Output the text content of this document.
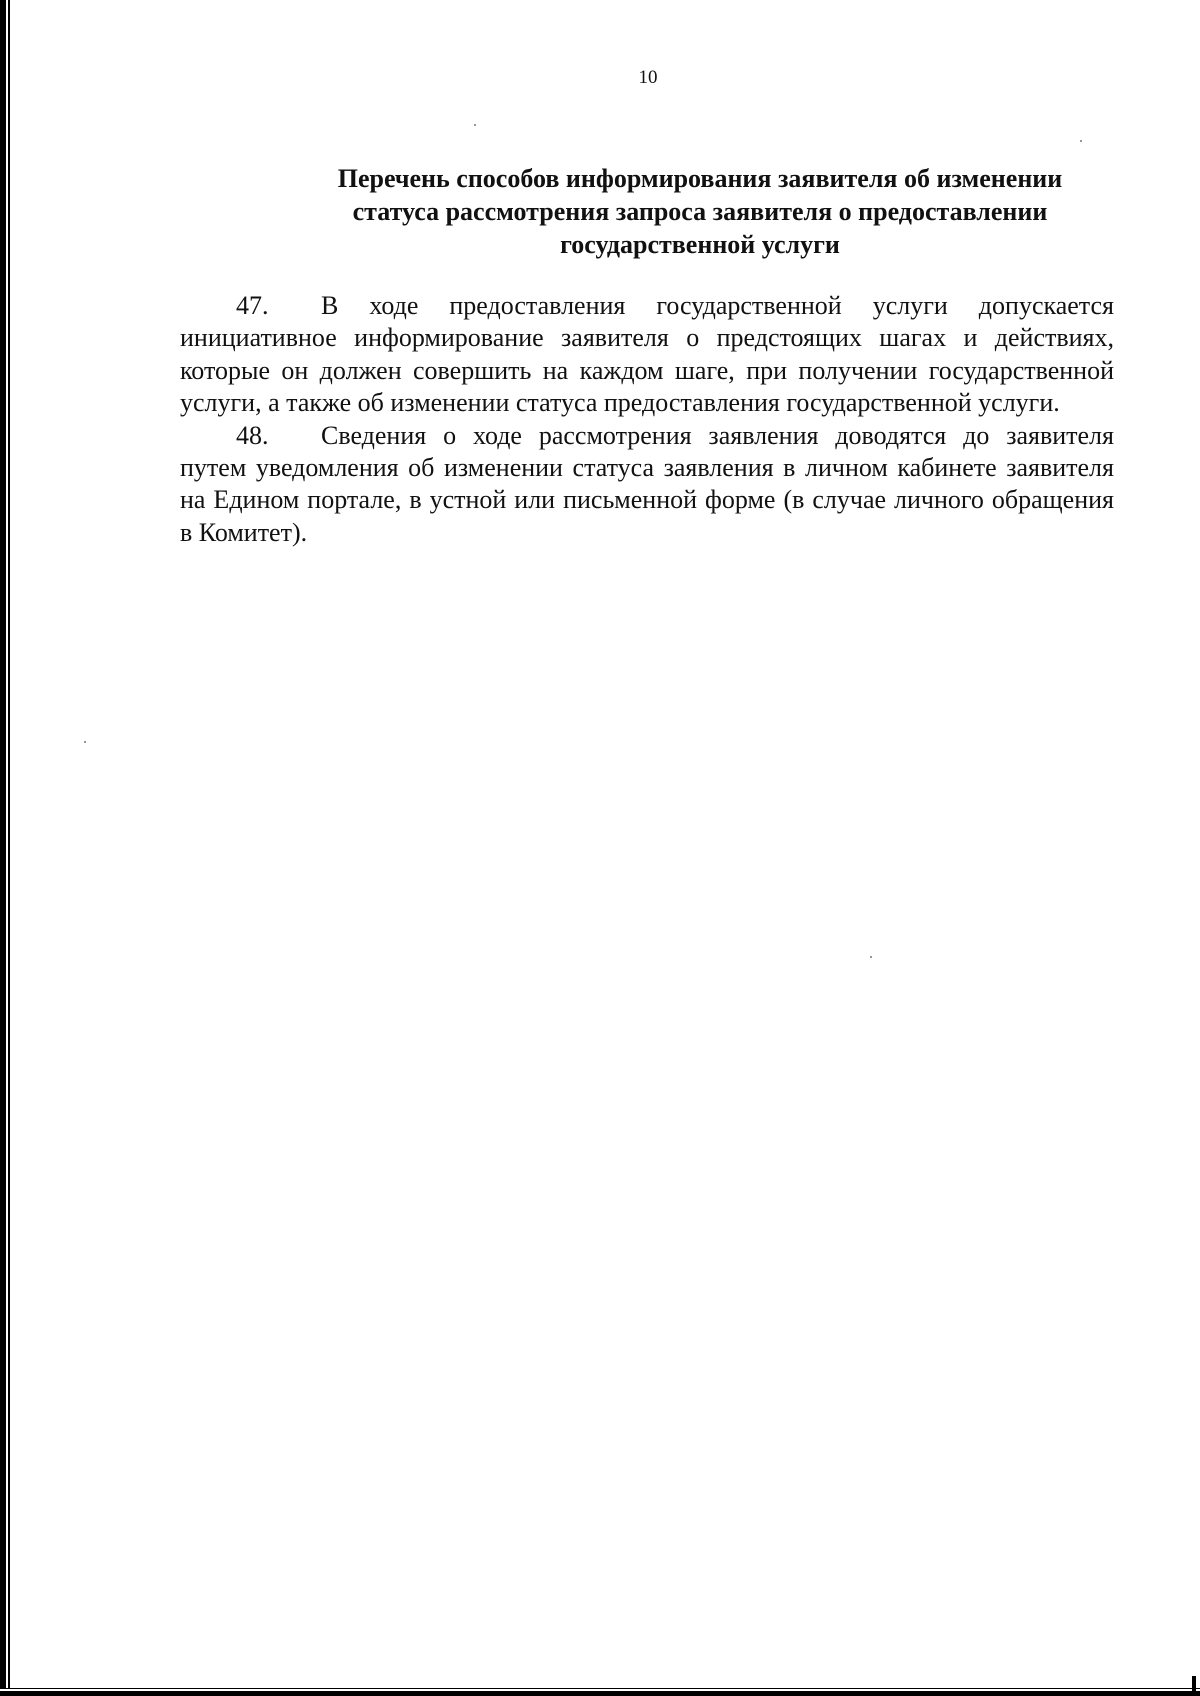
10
Перечень способов информирования заявителя об изменении
статуса рассмотрения запроса заявителя о предоставлении
государственной услуги

47. В ходе предоставления государственной услуги допускается инициативное информирование заявителя о предстоящих шагах и действиях, которые он должен совершить на каждом шаге, при получении государственной услуги, а также об изменении статуса предоставления государственной услуги.

48. Сведения о ходе рассмотрения заявления доводятся до заявителя путем уведомления об изменении статуса заявления в личном кабинете заявителя на Едином портале, в устной или письменной форме (в случае личного обращения в Комитет).
